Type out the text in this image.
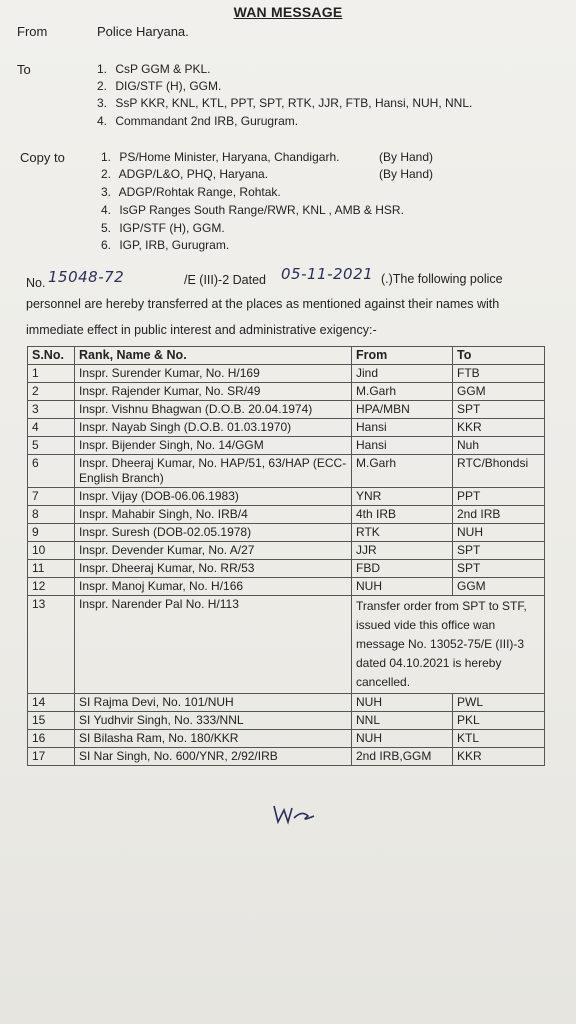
WAN MESSAGE
From	Police Haryana.
To	1. CsP GGM & PKL.
2. DIG/STF (H), GGM.
3. SsP KKR, KNL, KTL, PPT, SPT, RTK, JJR, FTB, Hansi, NUH, NNL.
4. Commandant 2nd IRB, Gurugram.
Copy to	1. PS/Home Minister, Haryana, Chandigarh.	(By Hand)
2. ADGP/L&O, PHQ, Haryana.	(By Hand)
3. ADGP/Rohtak Range, Rohtak.
4. IsGP Ranges South Range/RWR, KNL , AMB & HSR.
5. IGP/STF (H), GGM.
6. IGP, IRB, Gurugram.
No. 15048-72	/E (III)-2 Dated 05-11-2021 (.)The following police
personnel are hereby transferred at the places as mentioned against their names with
immediate effect in public interest and administrative exigency:-
S.No.	Rank, Name & No.	From	To
1	Inspr. Surender Kumar, No. H/169	Jind	FTB
2	Inspr. Rajender Kumar, No. SR/49	M.Garh	GGM
3	Inspr. Vishnu Bhagwan (D.O.B. 20.04.1974)	HPA/MBN	SPT
4	Inspr. Nayab Singh (D.O.B. 01.03.1970)	Hansi	KKR
5	Inspr. Bijender Singh, No. 14/GGM	Hansi	Nuh
6	Inspr. Dheeraj Kumar, No. HAP/51, 63/HAP (ECC-English Branch)	M.Garh	RTC/Bhondsi
7	Inspr. Vijay (DOB-06.06.1983)	YNR	PPT
8	Inspr. Mahabir Singh, No. IRB/4	4th IRB	2nd IRB
9	Inspr. Suresh (DOB-02.05.1978)	RTK	NUH
10	Inspr. Devender Kumar, No. A/27	JJR	SPT
11	Inspr. Dheeraj Kumar, No. RR/53	FBD	SPT
12	Inspr. Manoj Kumar, No. H/166	NUH	GGM
13	Inspr. Narender Pal No. H/113	Transfer order from SPT to STF, issued vide this office wan message No. 13052-75/E (III)-3 dated 04.10.2021 is hereby cancelled.	
14	SI Rajma Devi, No. 101/NUH	NUH	PWL
15	SI Yudhvir Singh, No. 333/NNL	NNL	PKL
16	SI Bilasha Ram, No. 180/KKR	NUH	KTL
17	SI Nar Singh, No. 600/YNR, 2/92/IRB	2nd IRB,GGM	KKR
